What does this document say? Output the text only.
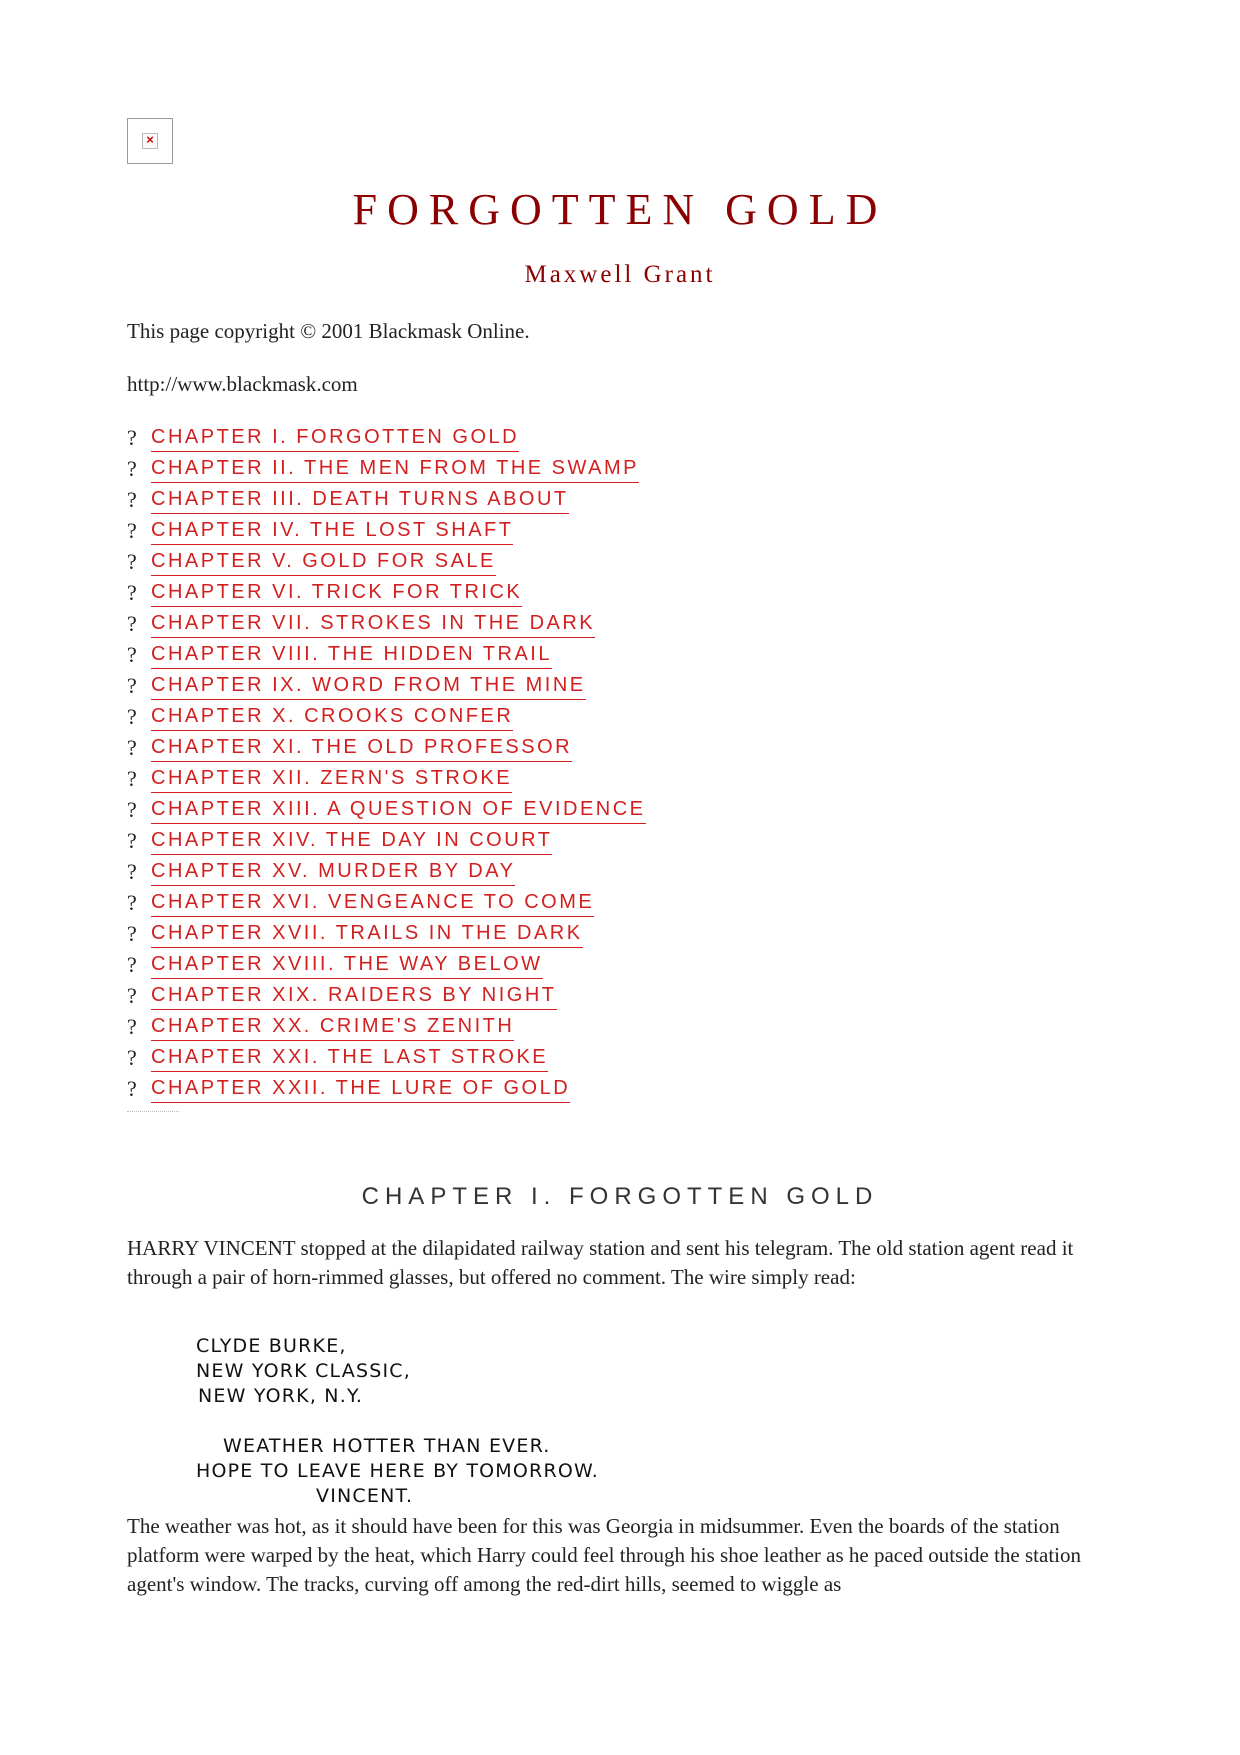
×
FORGOTTEN GOLD
Maxwell Grant
This page copyright © 2001 Blackmask Online.
http://www.blackmask.com
? CHAPTER I. FORGOTTEN GOLD
? CHAPTER II. THE MEN FROM THE SWAMP
? CHAPTER III. DEATH TURNS ABOUT
? CHAPTER IV. THE LOST SHAFT
? CHAPTER V. GOLD FOR SALE
? CHAPTER VI. TRICK FOR TRICK
? CHAPTER VII. STROKES IN THE DARK
? CHAPTER VIII. THE HIDDEN TRAIL
? CHAPTER IX. WORD FROM THE MINE
? CHAPTER X. CROOKS CONFER
? CHAPTER XI. THE OLD PROFESSOR
? CHAPTER XII. ZERN'S STROKE
? CHAPTER XIII. A QUESTION OF EVIDENCE
? CHAPTER XIV. THE DAY IN COURT
? CHAPTER XV. MURDER BY DAY
? CHAPTER XVI. VENGEANCE TO COME
? CHAPTER XVII. TRAILS IN THE DARK
? CHAPTER XVIII. THE WAY BELOW
? CHAPTER XIX. RAIDERS BY NIGHT
? CHAPTER XX. CRIME'S ZENITH
? CHAPTER XXI. THE LAST STROKE
? CHAPTER XXII. THE LURE OF GOLD
CHAPTER I. FORGOTTEN GOLD

HARRY VINCENT stopped at the dilapidated railway station and sent his telegram. The old station agent read it through a pair of horn-rimmed glasses, but offered no comment. The wire simply read:

CLYDE BURKE,
NEW YORK CLASSIC,
NEW YORK, N.Y.
WEATHER HOTTER THAN EVER.
HOPE TO LEAVE HERE BY TOMORROW.
VINCENT.

The weather was hot, as it should have been for this was Georgia in midsummer. Even the boards of the station platform were warped by the heat, which Harry could feel through his shoe leather as he paced outside the station agent's window. The tracks, curving off among the red-dirt hills, seemed to wiggle as
